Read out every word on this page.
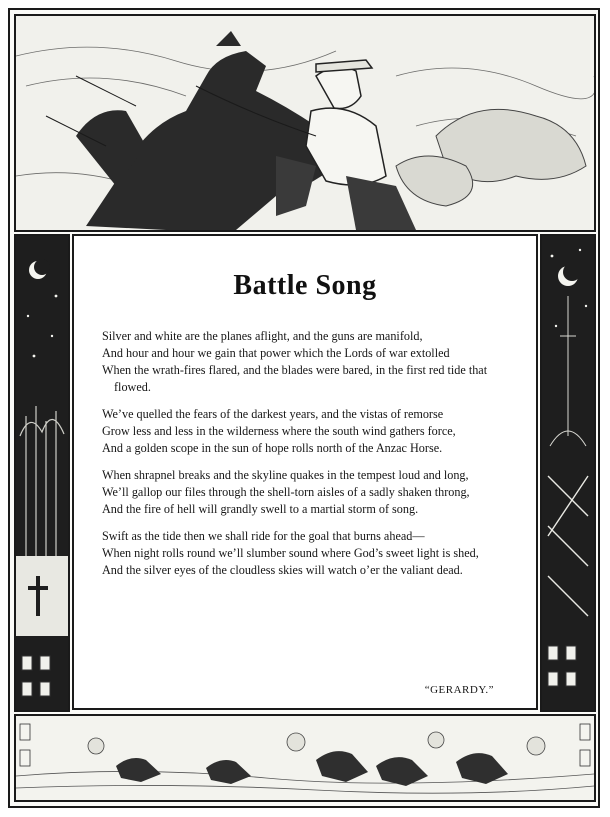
Battle Song
Silver and white are the planes aflight, and the guns are manifold,
And hour and hour we gain that power which the Lords of war extolled
When the wrath-fires flared, and the blades were bared, in the first red tide that flowed.
We’ve quelled the fears of the darkest years, and the vistas of remorse
Grow less and less in the wilderness where the south wind gathers force,
And a golden scope in the sun of hope rolls north of the Anzac Horse.
When shrapnel breaks and the skyline quakes in the tempest loud and long,
We’ll gallop our files through the shell-torn aisles of a sadly shaken throng,
And the fire of hell will grandly swell to a martial storm of song.
Swift as the tide then we shall ride for the goal that burns ahead—
When night rolls round we’ll slumber sound where God’s sweet light is shed,
And the silver eyes of the cloudless skies will watch o’er the valiant dead.
“GERARDY.”
